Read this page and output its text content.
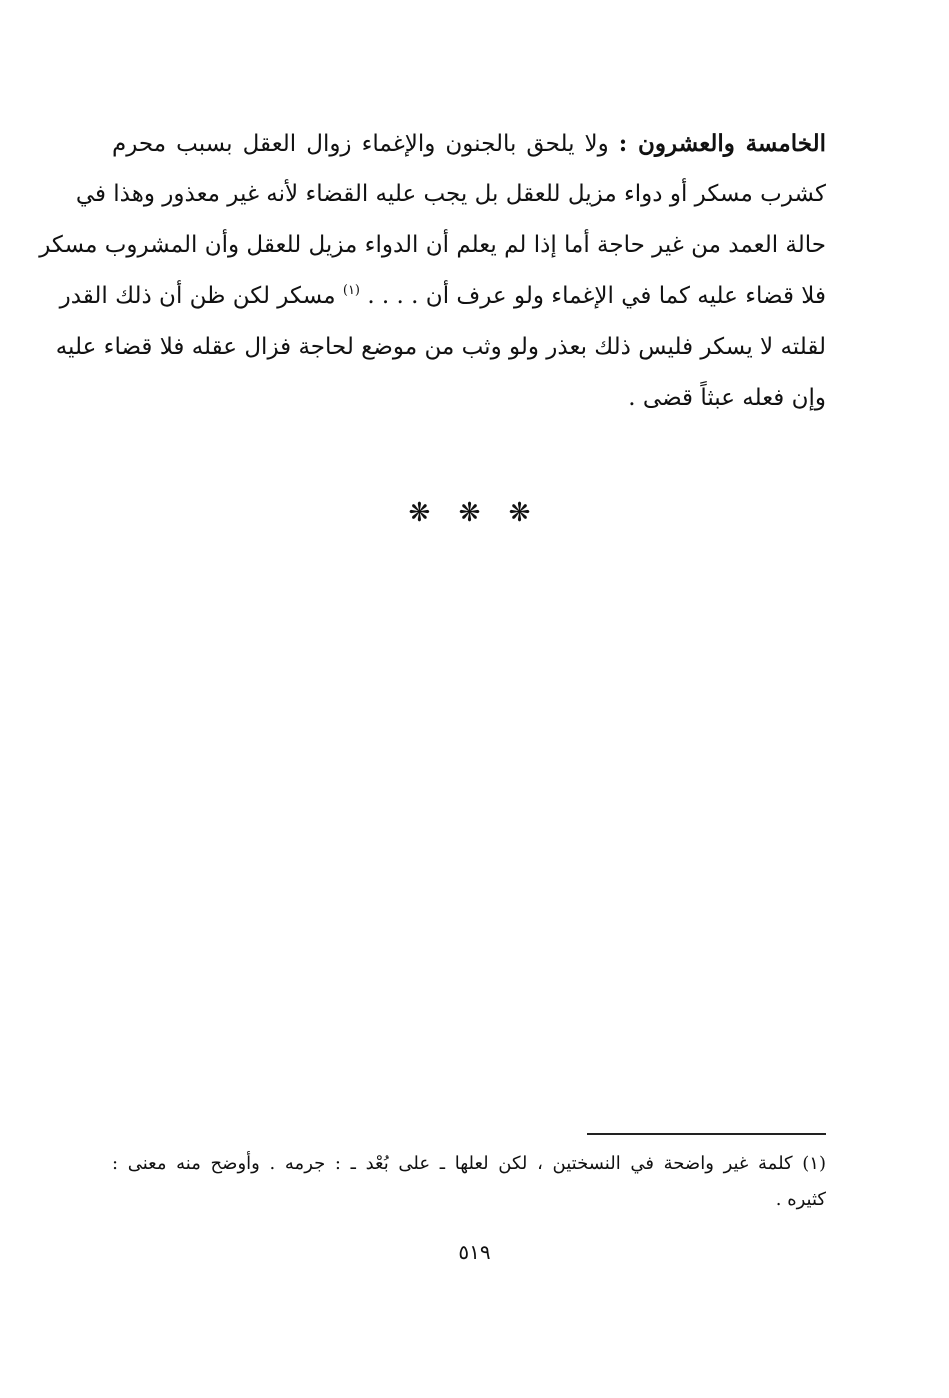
الخامسة والعشرون : ولا يلحق بالجنون والإغماء زوال العقل بسبب محرم
كشرب مسكر أو دواء مزيل للعقل بل يجب عليه القضاء لأنه غير معذور وهذا في
حالة العمد من غير حاجة أما إذا لم يعلم أن الدواء مزيل للعقل وأن المشروب مسكر
فلا قضاء عليه كما في الإغماء ولو عرف أن . . . . $^{(١)}$ مسكر لكن ظن أن ذلك القدر
لقلته لا يسكر فليس ذلك بعذر ولو وثب من موضع لحاجة فزال عقله فلا قضاء عليه
وإن فعله عبثاً قضى .
❋ ❋ ❋
(١) كلمة غير واضحة في النسختين ، لكن لعلها ـ على بُعْد ـ : جرمه . وأوضح منه معنى :
كثيره .
٥١٩
